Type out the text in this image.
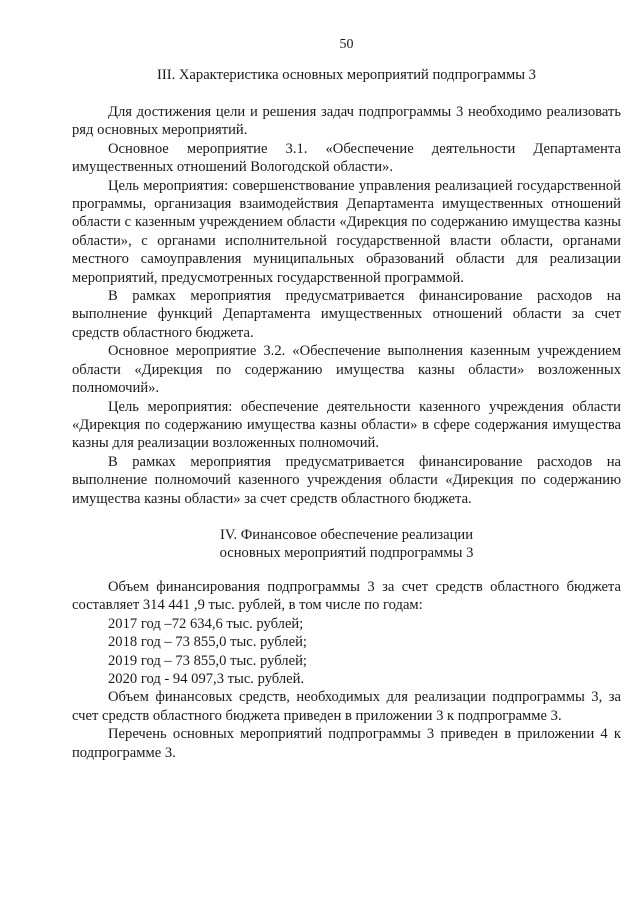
50
III. Характеристика основных мероприятий подпрограммы 3

Для достижения цели и решения задач подпрограммы 3 необходимо реализовать ряд основных мероприятий.

Основное мероприятие 3.1. «Обеспечение деятельности Департамента имущественных отношений Вологодской области».

Цель мероприятия: совершенствование управления реализацией государственной программы, организация взаимодействия Департамента имущественных отношений области с казенным учреждением области «Дирекция по содержанию имущества казны области», с органами исполнительной государственной власти области, органами местного самоуправления муниципальных образований области для реализации мероприятий, предусмотренных государственной программой.

В рамках мероприятия предусматривается финансирование расходов на выполнение функций Департамента имущественных отношений области за счет средств областного бюджета.

Основное мероприятие 3.2. «Обеспечение выполнения казенным учреждением области «Дирекция по содержанию имущества казны области» возложенных полномочий».

Цель мероприятия: обеспечение деятельности казенного учреждения области «Дирекция по содержанию имущества казны области» в сфере содержания имущества казны для реализации возложенных полномочий.

В рамках мероприятия предусматривается финансирование расходов на выполнение полномочий казенного учреждения области «Дирекция по содержанию имущества казны области» за счет средств областного бюджета.

IV. Финансовое обеспечение реализации
основных мероприятий подпрограммы 3

Объем финансирования подпрограммы 3 за счет средств областного бюджета составляет 314 441 ,9 тыс. рублей, в том числе по годам:

2017 год –72 634,6 тыс. рублей;

2018 год – 73 855,0 тыс. рублей;

2019 год – 73 855,0 тыс. рублей;

2020 год - 94 097,3 тыс. рублей.

Объем финансовых средств, необходимых для реализации подпрограммы 3, за счет средств областного бюджета приведен в приложении 3 к подпрограмме 3.

Перечень основных мероприятий подпрограммы 3 приведен в приложении 4 к подпрограмме 3.
